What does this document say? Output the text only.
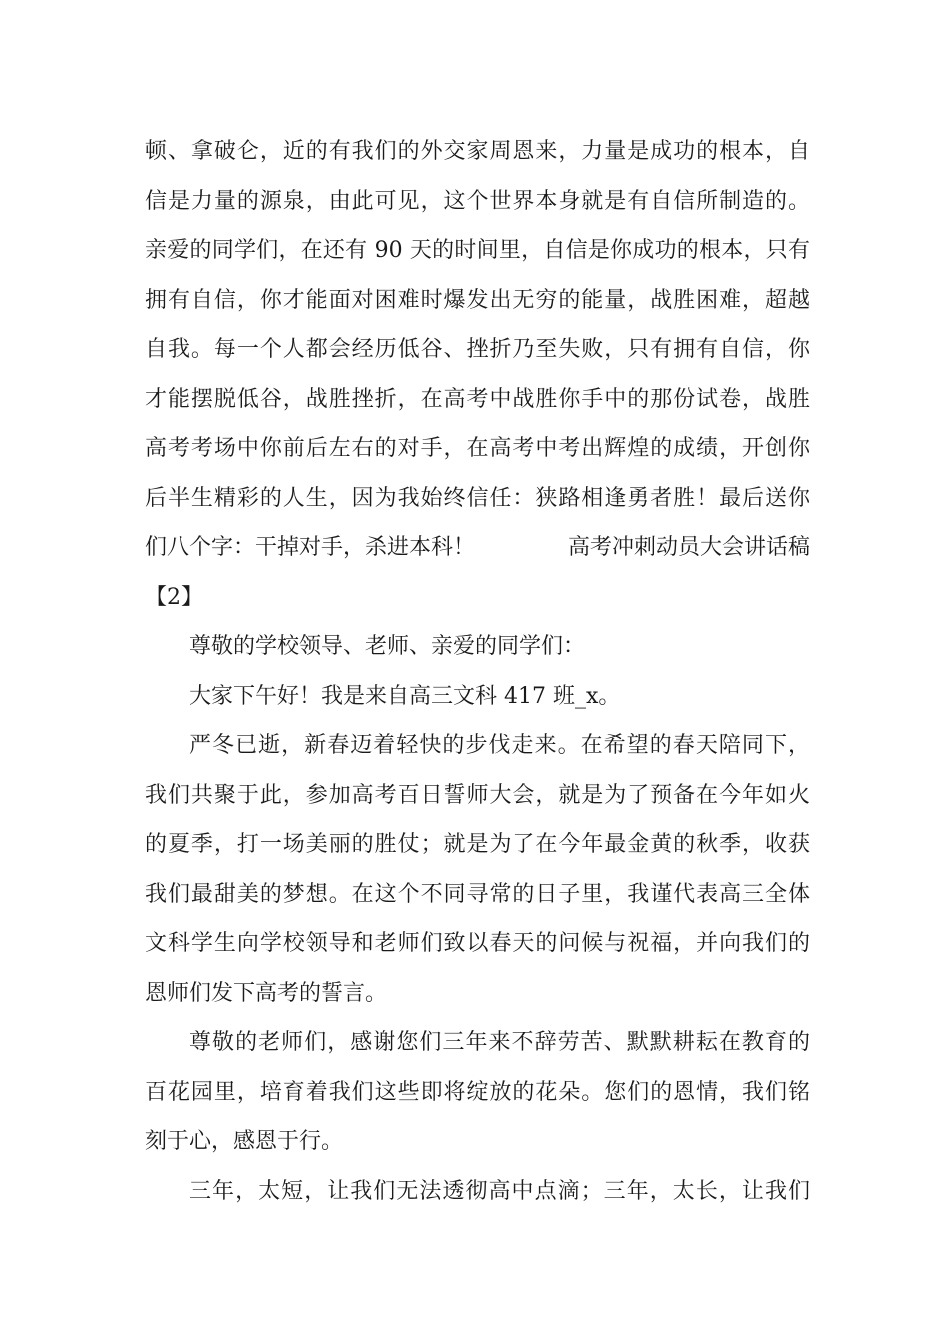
顿、拿破仑，近的有我们的外交家周恩来，力量是成功的根本，自
信是力量的源泉，由此可见，这个世界本身就是有自信所制造的。
亲爱的同学们，在还有 90 天的时间里，自信是你成功的根本，只有
拥有自信，你才能面对困难时爆发出无穷的能量，战胜困难，超越
自我。每一个人都会经历低谷、挫折乃至失败，只有拥有自信，你
才能摆脱低谷，战胜挫折，在高考中战胜你手中的那份试卷，战胜
高考考场中你前后左右的对手，在高考中考出辉煌的成绩，开创你
后半生精彩的人生，因为我始终信任：狭路相逢勇者胜！最后送你
们八个字：干掉对手，杀进本科！	高考冲刺动员大会讲话稿
【2】
尊敬的学校领导、老师、亲爱的同学们：
大家下午好！我是来自高三文科 417 班_x。
严冬已逝，新春迈着轻快的步伐走来。在希望的春天陪同下，
我们共聚于此，参加高考百日誓师大会，就是为了预备在今年如火
的夏季，打一场美丽的胜仗；就是为了在今年最金黄的秋季，收获
我们最甜美的梦想。在这个不同寻常的日子里，我谨代表高三全体
文科学生向学校领导和老师们致以春天的问候与祝福，并向我们的
恩师们发下高考的誓言。
尊敬的老师们，感谢您们三年来不辞劳苦、默默耕耘在教育的
百花园里，培育着我们这些即将绽放的花朵。您们的恩情，我们铭
刻于心，感恩于行。
三年，太短，让我们无法透彻高中点滴；三年，太长，让我们
